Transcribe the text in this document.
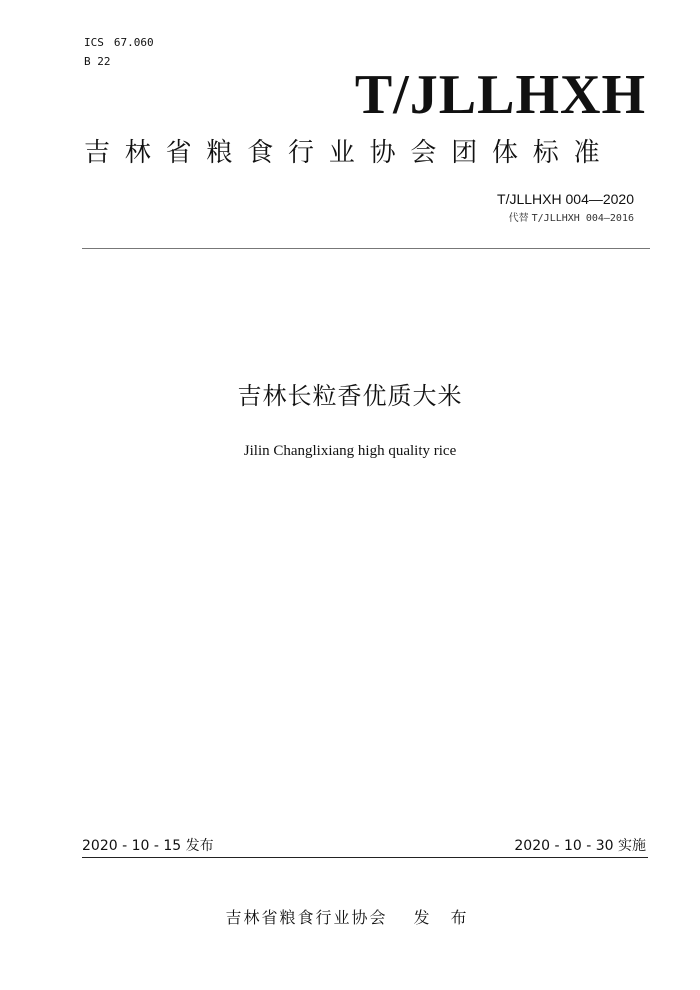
ICS 67.060
B 22
T/JLLHXH
吉林省粮食行业协会团体标准
T/JLLHXH 004—2020
代替 T/JLLHXH 004—2016
吉林长粒香优质大米
Jilin Changlixiang high quality rice
2020 - 10 - 15 发布	2020 - 10 - 30 实施
吉林省粮食行业协会 发 布
